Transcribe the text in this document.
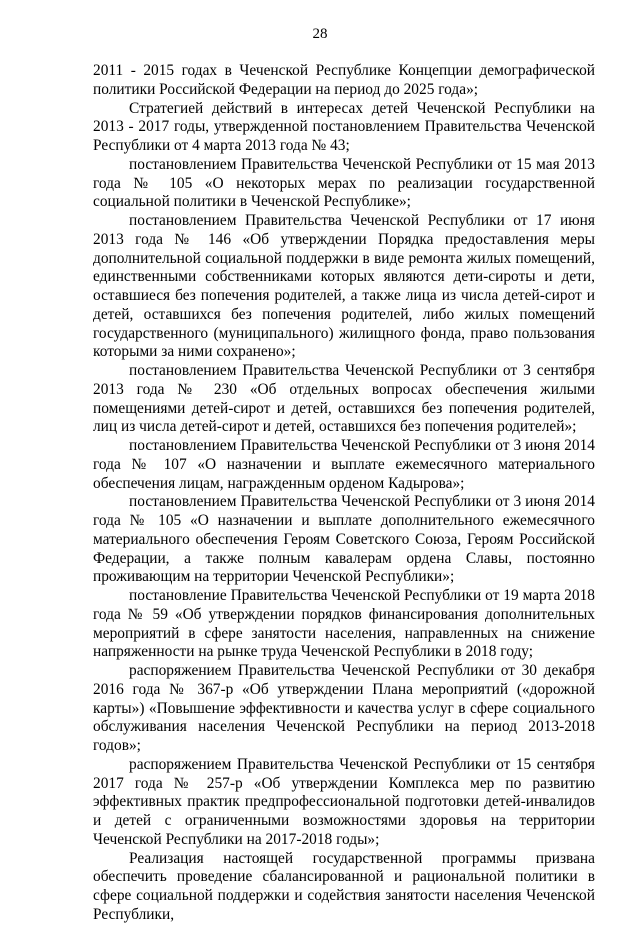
28

2011 - 2015 годах в Чеченской Республике Концепции демографической политики Российской Федерации на период до 2025 года»;

Стратегией действий в интересах детей Чеченской Республики на 2013 - 2017 годы, утвержденной постановлением Правительства Чеченской Республики от 4 марта 2013 года № 43;

постановлением Правительства Чеченской Республики от 15 мая 2013 года № 105 «О некоторых мерах по реализации государственной социальной политики в Чеченской Республике»;

постановлением Правительства Чеченской Республики от 17 июня 2013 года № 146 «Об утверждении Порядка предоставления меры дополнительной социальной поддержки в виде ремонта жилых помещений, единственными собственниками которых являются дети-сироты и дети, оставшиеся без попечения родителей, а также лица из числа детей-сирот и детей, оставшихся без попечения родителей, либо жилых помещений государственного (муниципального) жилищного фонда, право пользования которыми за ними сохранено»;

постановлением Правительства Чеченской Республики от 3 сентября 2013 года № 230 «Об отдельных вопросах обеспечения жилыми помещениями детей-сирот и детей, оставшихся без попечения родителей, лиц из числа детей-сирот и детей, оставшихся без попечения родителей»;

постановлением Правительства Чеченской Республики от 3 июня 2014 года № 107 «О назначении и выплате ежемесячного материального обеспечения лицам, награжденным орденом Кадырова»;

постановлением Правительства Чеченской Республики от 3 июня 2014 года № 105 «О назначении и выплате дополнительного ежемесячного материального обеспечения Героям Советского Союза, Героям Российской Федерации, а также полным кавалерам ордена Славы, постоянно проживающим на территории Чеченской Республики»;

постановление Правительства Чеченской Республики от 19 марта 2018 года № 59 «Об утверждении порядков финансирования дополнительных мероприятий в сфере занятости населения, направленных на снижение напряженности на рынке труда Чеченской Республики в 2018 году;

распоряжением Правительства Чеченской Республики от 30 декабря 2016 года № 367-р «Об утверждении Плана мероприятий («дорожной карты») «Повышение эффективности и качества услуг в сфере социального обслуживания населения Чеченской Республики на период 2013-2018 годов»;

распоряжением Правительства Чеченской Республики от 15 сентября 2017 года № 257-р «Об утверждении Комплекса мер по развитию эффективных практик предпрофессиональной подготовки детей-инвалидов и детей с ограниченными возможностями здоровья на территории Чеченской Республики на 2017-2018 годы»;

Реализация настоящей государственной программы призвана обеспечить проведение сбалансированной и рациональной политики в сфере социальной поддержки и содействия занятости населения Чеченской Республики,
